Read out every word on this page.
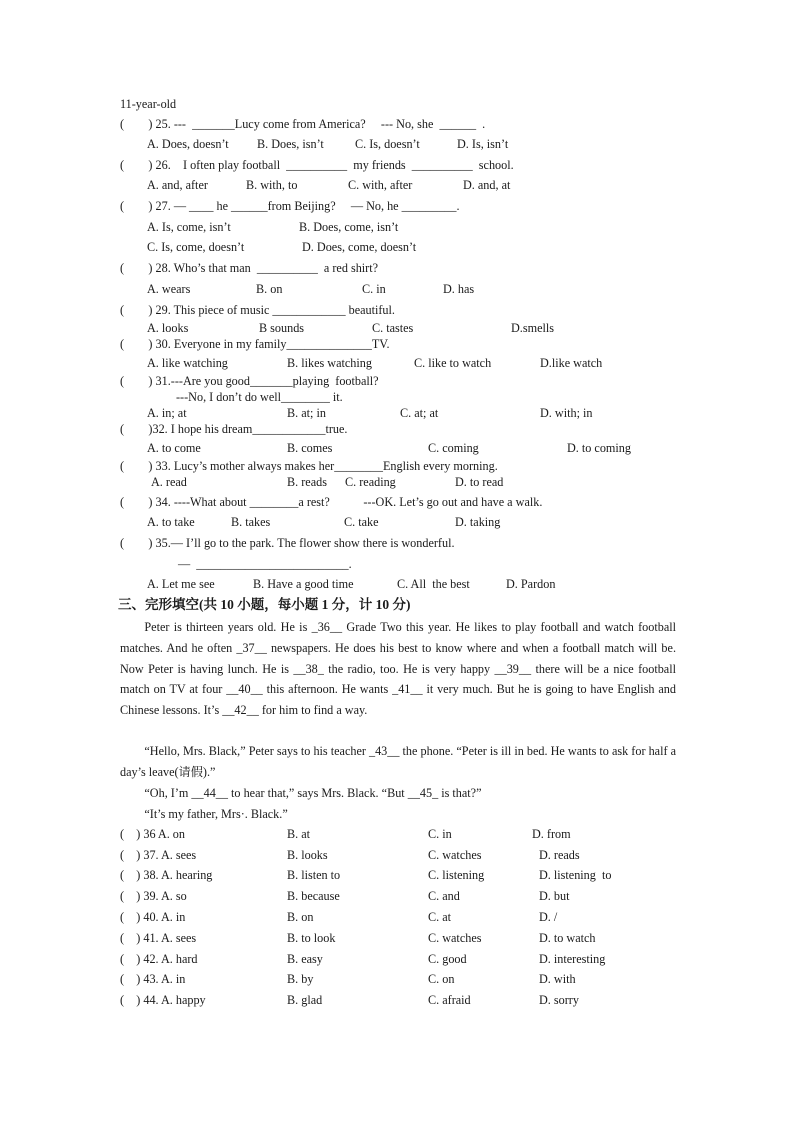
11-year-old
(        ) 25. ---  _______Lucy come from America?     --- No, she  ______  .
A. Does, doesn’t B. Does, isn’t	C. Is, doesn’t	D. Is, isn’t
(        ) 26.    I often play football  __________  my friends  __________  school.
A. and, after	B. with, to	C. with, after	D. and, at
(        ) 27. — ____ he ______from Beijing?     — No, he _________.
A. Is, come, isn’t	B. Does, come, isn’t
C. Is, come, doesn’t	D. Does, come, doesn’t
(        ) 28. Who’s that man  __________  a red shirt?
A. wears	B. on	C. in	D. has
(        ) 29. This piece of music ____________ beautiful.
A. looks	B sounds	C. tastes	D.smells
(        ) 30. Everyone in my family______________TV.
A. like watching	B. likes watching	C. like to watch	D.like watch
(        ) 31.---Are you good_______playing  football?
---No, I don’t do well________ it.
A. in; at	B. at; in	C. at; at	D. with; in
(        )32. I hope his dream____________true.
A. to come	B. comes	C. coming	D. to coming
(        ) 33. Lucy’s mother always makes her________English every morning.
A. read	B. reads C. reading	D. to read
(        ) 34. ----What about ________a rest?           ---OK. Let’s go out and have a walk.
A. to take	B. takes	C. take	D. taking
(        ) 35.— I’ll go to the park. The flower show there is wonderful.
—  _________________________.
A. Let me see	B. Have a good time	C. All  the best	D. Pardon
三、完形填空(共 10 小题，每小题 1 分，计 10 分)
Peter is thirteen years old. He is _36__ Grade Two this year. He likes to play football and watch football matches. And he often _37__ newspapers. He does his best to know where and when a football match will be. Now Peter is having lunch. He is __38_ the radio, too. He is very happy __39__ there will be a nice football match on TV at four __40__ this afternoon. He wants _41__ it very much. But he is going to have English and Chinese lessons. It’s __42__ for him to find a way.
“Hello, Mrs. Black,” Peter says to his teacher _43__ the phone. “Peter is ill in bed. He wants to ask for half a day’s leave(请假).”
“Oh, I’m __44__ to hear that,” says Mrs. Black. “But __45_ is that?”
“It’s my father, Mrs·. Black.”
(    ) 36 A. on	B. at	C. in	D. from
(    ) 37. A. sees	B. looks	C. watches	D. reads
(    ) 38. A. hearing	B. listen to	C. listening	D. listening  to
(    ) 39. A. so	B. because	C. and	D. but
(    ) 40. A. in	B. on	C. at	D. /
(    ) 41. A. sees	B. to look	C. watches	D. to watch
(    ) 42. A. hard	B. easy	C. good	D. interesting
(    ) 43. A. in	B. by	C. on	D. with
(    ) 44. A. happy	B. glad	C. afraid	D. sorry
